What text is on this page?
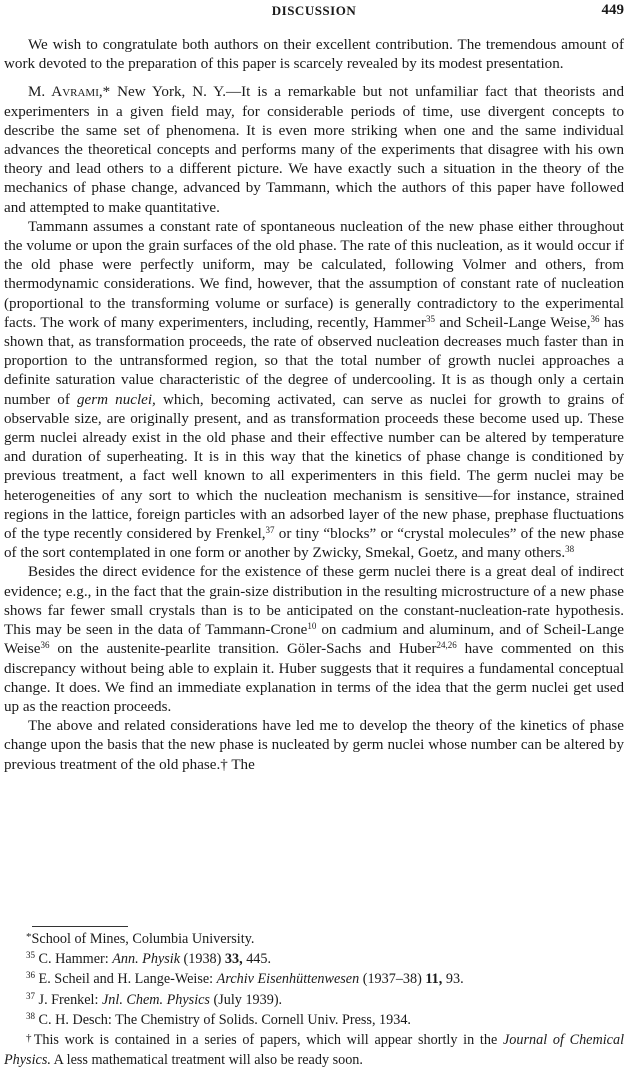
DISCUSSION	449

We wish to congratulate both authors on their excellent contribution. The tremendous amount of work devoted to the preparation of this paper is scarcely revealed by its modest presentation.

M. Avrami,* New York, N. Y.—It is a remarkable but not unfamiliar fact that theorists and experimenters in a given field may, for considerable periods of time, use divergent concepts to describe the same set of phenomena. It is even more striking when one and the same individual advances the theoretical concepts and performs many of the experiments that disagree with his own theory and lead others to a different picture. We have exactly such a situation in the theory of the mechanics of phase change, advanced by Tammann, which the authors of this paper have followed and attempted to make quantitative.

Tammann assumes a constant rate of spontaneous nucleation of the new phase either throughout the volume or upon the grain surfaces of the old phase. The rate of this nucleation, as it would occur if the old phase were perfectly uniform, may be calculated, following Volmer and others, from thermodynamic considerations. We find, however, that the assumption of constant rate of nucleation (proportional to the transforming volume or surface) is generally contradictory to the experimental facts. The work of many experimenters, including, recently, Hammer$^{35}$ and Scheil-Lange Weise,$^{36}$ has shown that, as transformation proceeds, the rate of observed nucleation decreases much faster than in proportion to the untransformed region, so that the total number of growth nuclei approaches a definite saturation value characteristic of the degree of undercooling. It is as though only a certain number of germ nuclei, which, becoming activated, can serve as nuclei for growth to grains of observable size, are originally present, and as transformation proceeds these become used up. These germ nuclei already exist in the old phase and their effective number can be altered by temperature and duration of superheating. It is in this way that the kinetics of phase change is conditioned by previous treatment, a fact well known to all experimenters in this field. The germ nuclei may be heterogeneities of any sort to which the nucleation mechanism is sensitive—for instance, strained regions in the lattice, foreign particles with an adsorbed layer of the new phase, prephase fluctuations of the type recently considered by Frenkel,$^{37}$ or tiny “blocks” or “crystal molecules” of the new phase of the sort contemplated in one form or another by Zwicky, Smekal, Goetz, and many others.$^{38}$

Besides the direct evidence for the existence of these germ nuclei there is a great deal of indirect evidence; e.g., in the fact that the grain-size distribution in the resulting microstructure of a new phase shows far fewer small crystals than is to be anticipated on the constant-nucleation-rate hypothesis. This may be seen in the data of Tammann-Crone$^{10}$ on cadmium and aluminum, and of Scheil-Lange Weise$^{36}$ on the austenite-pearlite transition. Göler-Sachs and Huber$^{24,26}$ have commented on this discrepancy without being able to explain it. Huber suggests that it requires a fundamental conceptual change. It does. We find an immediate explanation in terms of the idea that the germ nuclei get used up as the reaction proceeds.

The above and related considerations have led me to develop the theory of the kinetics of phase change upon the basis that the new phase is nucleated by germ nuclei whose number can be altered by previous treatment of the old phase.† The

*School of Mines, Columbia University.
$^{35}$ C. Hammer: Ann. Physik (1938) 33, 445.
$^{36}$ E. Scheil and H. Lange-Weise: Archiv Eisenhüttenwesen (1937–38) 11, 93.
$^{37}$ J. Frenkel: Jnl. Chem. Physics (July 1939).
$^{38}$ C. H. Desch: The Chemistry of Solids. Cornell Univ. Press, 1934.
†This work is contained in a series of papers, which will appear shortly in the Journal of Chemical Physics. A less mathematical treatment will also be ready soon.
